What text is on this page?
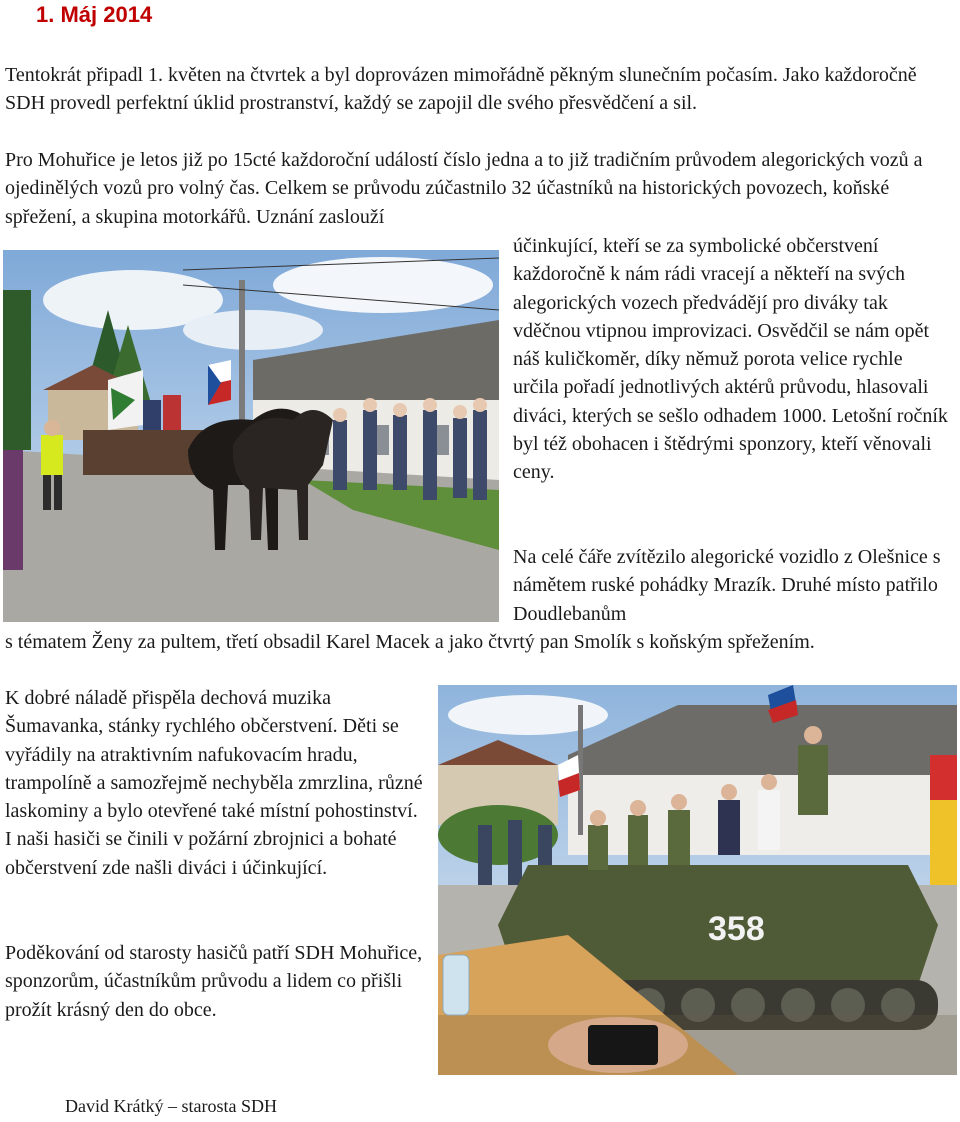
1. Máj 2014

Tentokrát připadl 1. květen na čtvrtek a byl doprovázen mimořádně pěkným slunečním počasím. Jako každoročně SDH provedl perfektní úklid prostranství, každý se zapojil dle svého přesvědčení a sil.

Pro Mohuřice je letos již po 15cté každoroční událostí číslo jedna a to již tradičním průvodem alegorických vozů a ojedinělých vozů pro volný čas. Celkem se průvodu zúčastnilo 32 účastníků na historických povozech, koňské spřežení, a skupina motorkářů. Uznání zaslouží

účinkující, kteří se za symbolické občerstvení každoročně k nám rádi vracejí a někteří na svých alegorických vozech předvádějí pro diváky tak vděčnou vtipnou improvizaci. Osvědčil se nám opět náš kuličkoměr, díky němuž porota velice rychle určila pořadí jednotlivých aktérů průvodu, hlasovali diváci, kterých se sešlo odhadem 1000. Letošní ročník byl též obohacen i štědrými sponzory, kteří věnovali ceny.

Na celé čáře zvítězilo alegorické vozidlo z Olešnice s námětem ruské pohádky Mrazík. Druhé místo patřilo Doudlebanům

s tématem Ženy za pultem, třetí obsadil Karel Macek a jako čtvrtý pan Smolík s koňským spřežením.

K dobré náladě přispěla dechová muzika Šumavanka, stánky rychlého občerstvení. Děti se vyřádily na atraktivním nafukovacím hradu, trampolíně a samozřejmě nechyběla zmrzlina, různé laskominy a bylo otevřené také místní pohostinství. I naši hasiči se činili v požární zbrojnici a bohaté občerstvení zde našli diváci i účinkující.

Poděkování od starosty hasičů patří SDH Mohuřice, sponzorům, účastníkům průvodu a lidem co přišli prožít krásný den do obce.

358
David Krátký – starosta SDH
